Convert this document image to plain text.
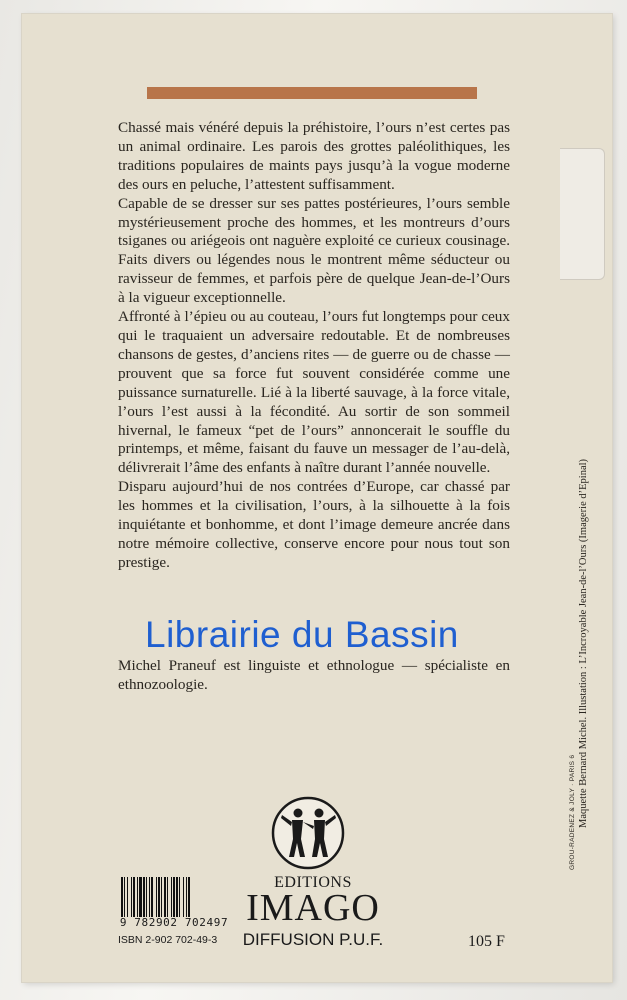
Chassé mais vénéré depuis la préhistoire, l’ours n’est certes pas un animal ordinaire. Les parois des grottes paléolithiques, les traditions populaires de maints pays jusqu’à la vogue moderne des ours en peluche, l’attestent suffisamment.

Capable de se dresser sur ses pattes postérieures, l’ours semble mystérieusement proche des hommes, et les montreurs d’ours tsiganes ou ariégeois ont naguère exploité ce curieux cousinage. Faits divers ou légendes nous le montrent même séducteur ou ravisseur de femmes, et parfois père de quelque Jean-de-l’Ours à la vigueur exceptionnelle.

Affronté à l’épieu ou au couteau, l’ours fut longtemps pour ceux qui le traquaient un adversaire redoutable. Et de nombreuses chansons de gestes, d’anciens rites — de guerre ou de chasse — prouvent que sa force fut souvent considérée comme une puissance surnaturelle. Lié à la liberté sauvage, à la force vitale, l’ours l’est aussi à la fécondité. Au sortir de son sommeil hivernal, le fameux “pet de l’ours” annoncerait le souffle du printemps, et même, faisant du fauve un messager de l’au-delà, délivrerait l’âme des enfants à naître durant l’année nouvelle.

Disparu aujourd’hui de nos contrées d’Europe, car chassé par les hommes et la civilisation, l’ours, à la silhouette à la fois inquiétante et bonhomme, et dont l’image demeure ancrée dans notre mémoire collective, conserve encore pour nous tout son prestige.

Librairie du Bassin

Michel Praneuf est linguiste et ethnologue — spécialiste en ethnozoologie.

EDITIONS
IMAGO
DIFFUSION P.U.F.
9 782902 702497
ISBN 2-902 702-49-3	105 F
Maquette Bernard Michel. Illustation : L’Incroyable Jean-de-l’Ours (Imagerie d’Epinal)
GROU-RADENEZ & JOLY · PARIS 6
